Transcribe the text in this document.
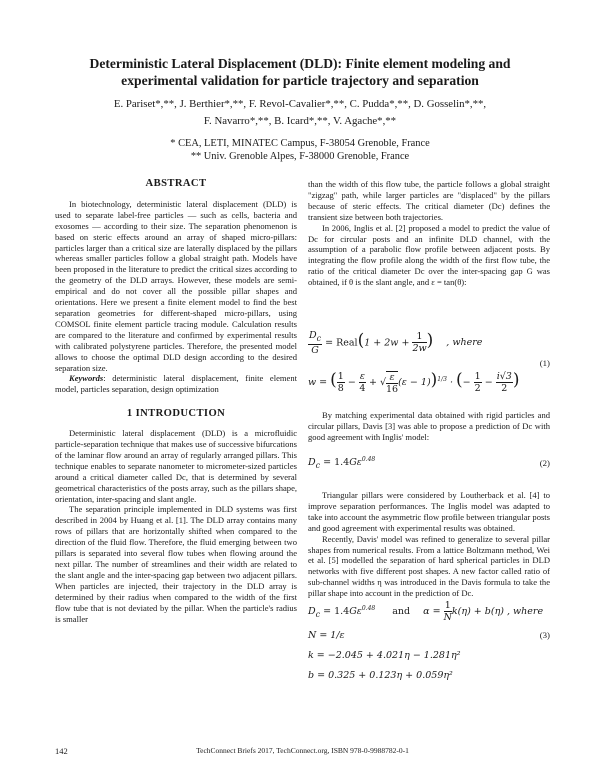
Deterministic Lateral Displacement (DLD): Finite element modeling and experimental validation for particle trajectory and separation
E. Pariset*,**, J. Berthier*,**, F. Revol-Cavalier*,**, C. Pudda*,**, D. Gosselin*,**,
F. Navarro*,**, B. Icard*,**, V. Agache*,**
* CEA, LETI, MINATEC Campus, F-38054 Grenoble, France
** Univ. Grenoble Alpes, F-38000 Grenoble, France
ABSTRACT

In biotechnology, deterministic lateral displacement (DLD) is used to separate label-free particles — such as cells, bacteria and exosomes — according to their size. The separation phenomenon is based on steric effects around an array of shaped micro-pillars: particles larger than a critical size are laterally displaced by the pillars whereas smaller particles follow a global straight path. Models have been proposed in the literature to predict the critical sizes according to the geometry of the DLD arrays. However, these models are semi-empirical and do not cover all the possible pillar shapes and orientations. Here we present a finite element model to find the best separation geometries for different-shaped micro-pillars, using COMSOL finite element particle tracing module. Calculation results are compared to the literature and confirmed by experimental results with calibrated polystyrene particles. Therefore, the presented model allows to choose the optimal DLD design according to the desired separation size.

Keywords: deterministic lateral displacement, finite element model, particles separation, design optimization

1 INTRODUCTION

Deterministic lateral displacement (DLD) is a microfluidic particle-separation technique that makes use of successive bifurcations of the laminar flow around an array of regularly arranged pillars. This technique enables to separate nanometer to micrometer-sized particles around a critical diameter called Dc, that is determined by several geometrical characteristics of the posts array, such as the pillars shape, orientation, inter-spacing and slant angle.

The separation principle implemented in DLD systems was first described in 2004 by Huang et al. [1]. The DLD array contains many rows of pillars that are horizontally shifted when compared to the direction of the fluid flow. Therefore, the fluid emerging between two pillars is separated into several flow tubes when flowing around the next pillar. The number of streamlines and their width are related to the slant angle and the inter-spacing gap between two adjacent pillars. When particles are injected, their trajectory in the DLD array is determined by their radius when compared to the width of the first flow tube that is not deviated by the pillar. When the particle's radius is smaller

than the width of this flow tube, the particle follows a global straight "zigzag" path, while larger particles are "displaced" by the pillars because of steric effects. The critical diameter (Dc) defines the transient size between both trajectories.

In 2006, Inglis et al. [2] proposed a model to predict the value of Dc for circular posts and an infinite DLD channel, with the assumption of a parabolic flow profile between adjacent posts. By integrating the flow profile along the width of the first flow tube, the ratio of the critical diameter Dc over the inter-spacing gap G was obtained, if θ is the slant angle, and ε = tan(θ):

$\frac{D_c}{G}$ = Real(1 + $2w + \frac{1}{2w}$ ) , where
(1)
w = ( $\frac{1}{8} - \frac{\varepsilon}{4}$ + √ $\frac{\varepsilon}{16} (\varepsilon - 1))^{1/3}$ · (− $\frac{1}{2} - \frac{i√3}{2}$ )

By matching experimental data obtained with rigid particles and circular pillars, Davis [3] was able to propose a prediction of Dc with good agreement with Inglis' model:

$D_c = 1.4G\varepsilon^{0.48}$	(2)

Triangular pillars were considered by Loutherback et al. [4] to improve separation performances. The Inglis model was adapted to take into account the asymmetric flow profile between triangular posts and good agreement with experimental results was obtained.

Recently, Davis' model was refined to generalize to several pillar shapes from numerical results. From a lattice Boltzmann method, Wei et al. [5] modelled the separation of hard spherical particles in DLD networks with five different post shapes. A new factor called ratio of sub-channel widths η was introduced in the Davis formula to take the pillar shape into account in the prediction of Dc.

$D_c = 1.4G\varepsilon^{0.48}$ and $\alpha = \frac{1}{N} k(\eta) + b(\eta)$ , where
N = 1/ε	(3)
k = −2.045 + 4.021η − 1.281η²
b = 0.325 + 0.123η + 0.059η²
142	TechConnect Briefs 2017, TechConnect.org, ISBN 978-0-9988782-0-1
